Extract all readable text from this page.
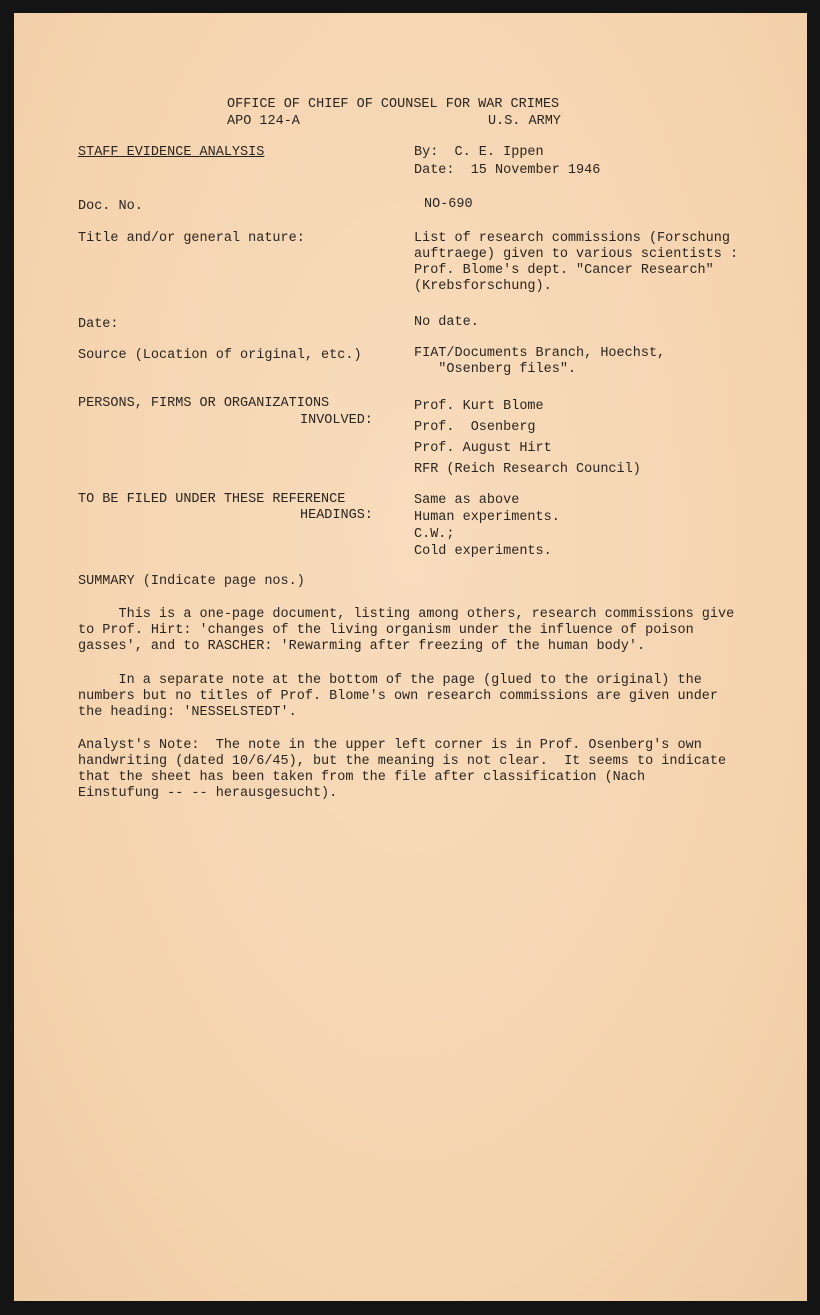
OFFICE OF CHIEF OF COUNSEL FOR WAR CRIMES
APO 124-A	U.S. ARMY
STAFF EVIDENCE ANALYSIS	By:  C. E. Ippen
Date:  15 November 1946
Doc. No.	NO-690
Title and/or general nature:	List of research commissions (Forschung
auftraege) given to various scientists :
Prof. Blome's dept. "Cancer Research"
(Krebsforschung).
Date:	No date.
Source (Location of original, etc.)	FIAT/Documents Branch, Hoechst,
"Osenberg files".
PERSONS, FIRMS OR ORGANIZATIONS
INVOLVED:
Prof. Kurt Blome
Prof.  Osenberg
Prof. August Hirt
RFR (Reich Research Council)
TO BE FILED UNDER THESE REFERENCE
HEADINGS:
Same as above
Human experiments.
C.W.;
Cold experiments.
SUMMARY (Indicate page nos.)
This is a one-page document, listing among others, research commissions give
to Prof. Hirt: 'changes of the living organism under the influence of poison
gasses', and to RASCHER: 'Rewarming after freezing of the human body'.
In a separate note at the bottom of the page (glued to the original) the
numbers but no titles of Prof. Blome's own research commissions are given under
the heading: 'NESSELSTEDT'.
Analyst's Note:  The note in the upper left corner is in Prof. Osenberg's own
handwriting (dated 10/6/45), but the meaning is not clear.  It seems to indicate
that the sheet has been taken from the file after classification (Nach
Einstufung -- -- herausgesucht).
